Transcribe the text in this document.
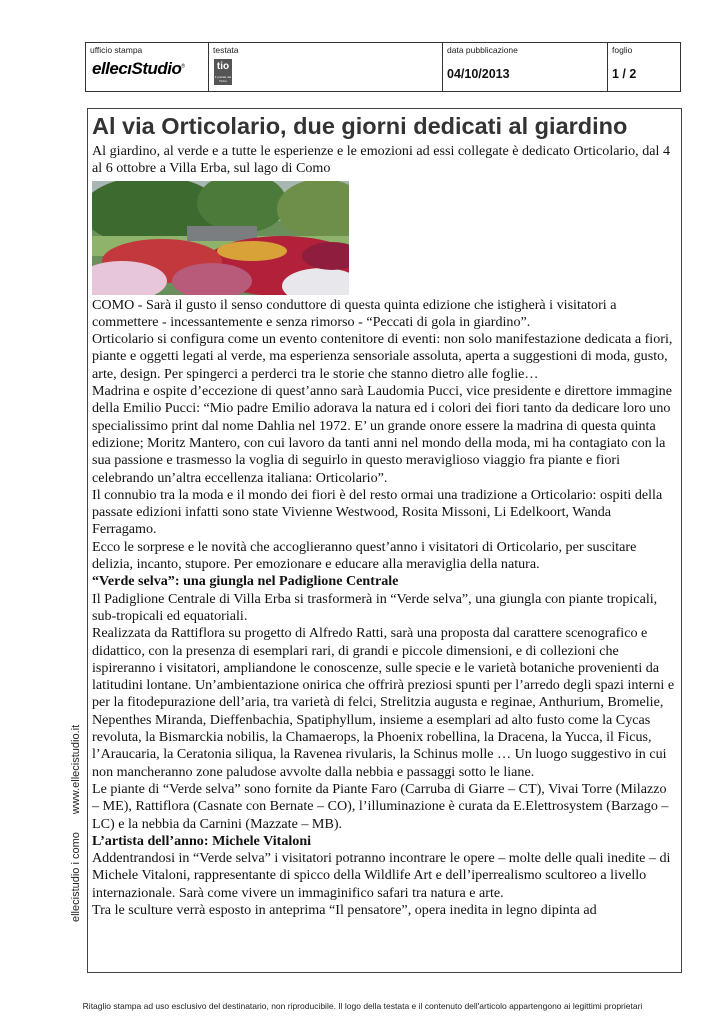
ufficio stampa
ellecıStudio®
testata
tio
Il portale del Ticino
data pubblicazione
04/10/2013
foglio
1 / 2
ellecistudio i comowww.ellecistudio.it
Al via Orticolario, due giorni dedicati al giardino

Al giardino, al verde e a tutte le esperienze e le emozioni ad essi collegate è dedicato Orticolario, dal 4 al 6 ottobre a Villa Erba, sul lago di Como

COMO - Sarà il gusto il senso conduttore di questa quinta edizione che istigherà i visitatori a commettere - incessantemente e senza rimorso - “Peccati di gola in giardino”.

Orticolario si configura come un evento contenitore di eventi: non solo manifestazione dedicata a fiori, piante e oggetti legati al verde, ma esperienza sensoriale assoluta, aperta a suggestioni di moda, gusto, arte, design. Per spingerci a perderci tra le storie che stanno dietro alle foglie…

Madrina e ospite d’eccezione di quest’anno sarà Laudomia Pucci, vice presidente e direttore immagine della Emilio Pucci: “Mio padre Emilio adorava la natura ed i colori dei fiori tanto da dedicare loro uno specialissimo print dal nome Dahlia nel 1972. E’ un grande onore essere la madrina di questa quinta edizione; Moritz Mantero, con cui lavoro da tanti anni nel mondo della moda, mi ha contagiato con la sua passione e trasmesso la voglia di seguirlo in questo meraviglioso viaggio fra piante e fiori celebrando un’altra eccellenza italiana: Orticolario”.

Il connubio tra la moda e il mondo dei fiori è del resto ormai una tradizione a Orticolario: ospiti della passate edizioni infatti sono state Vivienne Westwood, Rosita Missoni, Li Edelkoort, Wanda Ferragamo.

Ecco le sorprese e le novità che accoglieranno quest’anno i visitatori di Orticolario, per suscitare delizia, incanto, stupore. Per emozionare e educare alla meraviglia della natura.

“Verde selva”: una giungla nel Padiglione Centrale

Il Padiglione Centrale di Villa Erba si trasformerà in “Verde selva”, una giungla con piante tropicali, sub-tropicali ed equatoriali.

Realizzata da Rattiflora su progetto di Alfredo Ratti, sarà una proposta dal carattere scenografico e didattico, con la presenza di esemplari rari, di grandi e piccole dimensioni, e di collezioni che ispireranno i visitatori, ampliandone le conoscenze, sulle specie e le varietà botaniche provenienti da latitudini lontane. Un’ambientazione onirica che offrirà preziosi spunti per l’arredo degli spazi interni e per la fitodepurazione dell’aria, tra varietà di felci, Strelitzia augusta e reginae, Anthurium, Bromelie, Nepenthes Miranda, Dieffenbachia, Spatiphyllum, insieme a esemplari ad alto fusto come la Cycas revoluta, la Bismarckia nobilis, la Chamaerops, la Phoenix robellina, la Dracena, la Yucca, il Ficus, l’Araucaria, la Ceratonia siliqua, la Ravenea rivularis, la Schinus molle … Un luogo suggestivo in cui non mancheranno zone paludose avvolte dalla nebbia e passaggi sotto le liane.

Le piante di “Verde selva” sono fornite da Piante Faro (Carruba di Giarre – CT), Vivai Torre (Milazzo – ME), Rattiflora (Casnate con Bernate – CO), l’illuminazione è curata da E.Elettrosystem (Barzago – LC) e la nebbia da Carnini (Mazzate – MB).

L’artista dell’anno: Michele Vitaloni

Addentrandosi in “Verde selva” i visitatori potranno incontrare le opere – molte delle quali inedite – di Michele Vitaloni, rappresentante di spicco della Wildlife Art e dell’iperrealismo scultoreo a livello internazionale. Sarà come vivere un immaginifico safari tra natura e arte.

Tra le sculture verrà esposto in anteprima “Il pensatore”, opera inedita in legno dipinta ad

Ritaglio stampa ad uso esclusivo del destinatario, non riproducibile. Il logo della testata e il contenuto dell'articolo appartengono ai legittimi proprietari
